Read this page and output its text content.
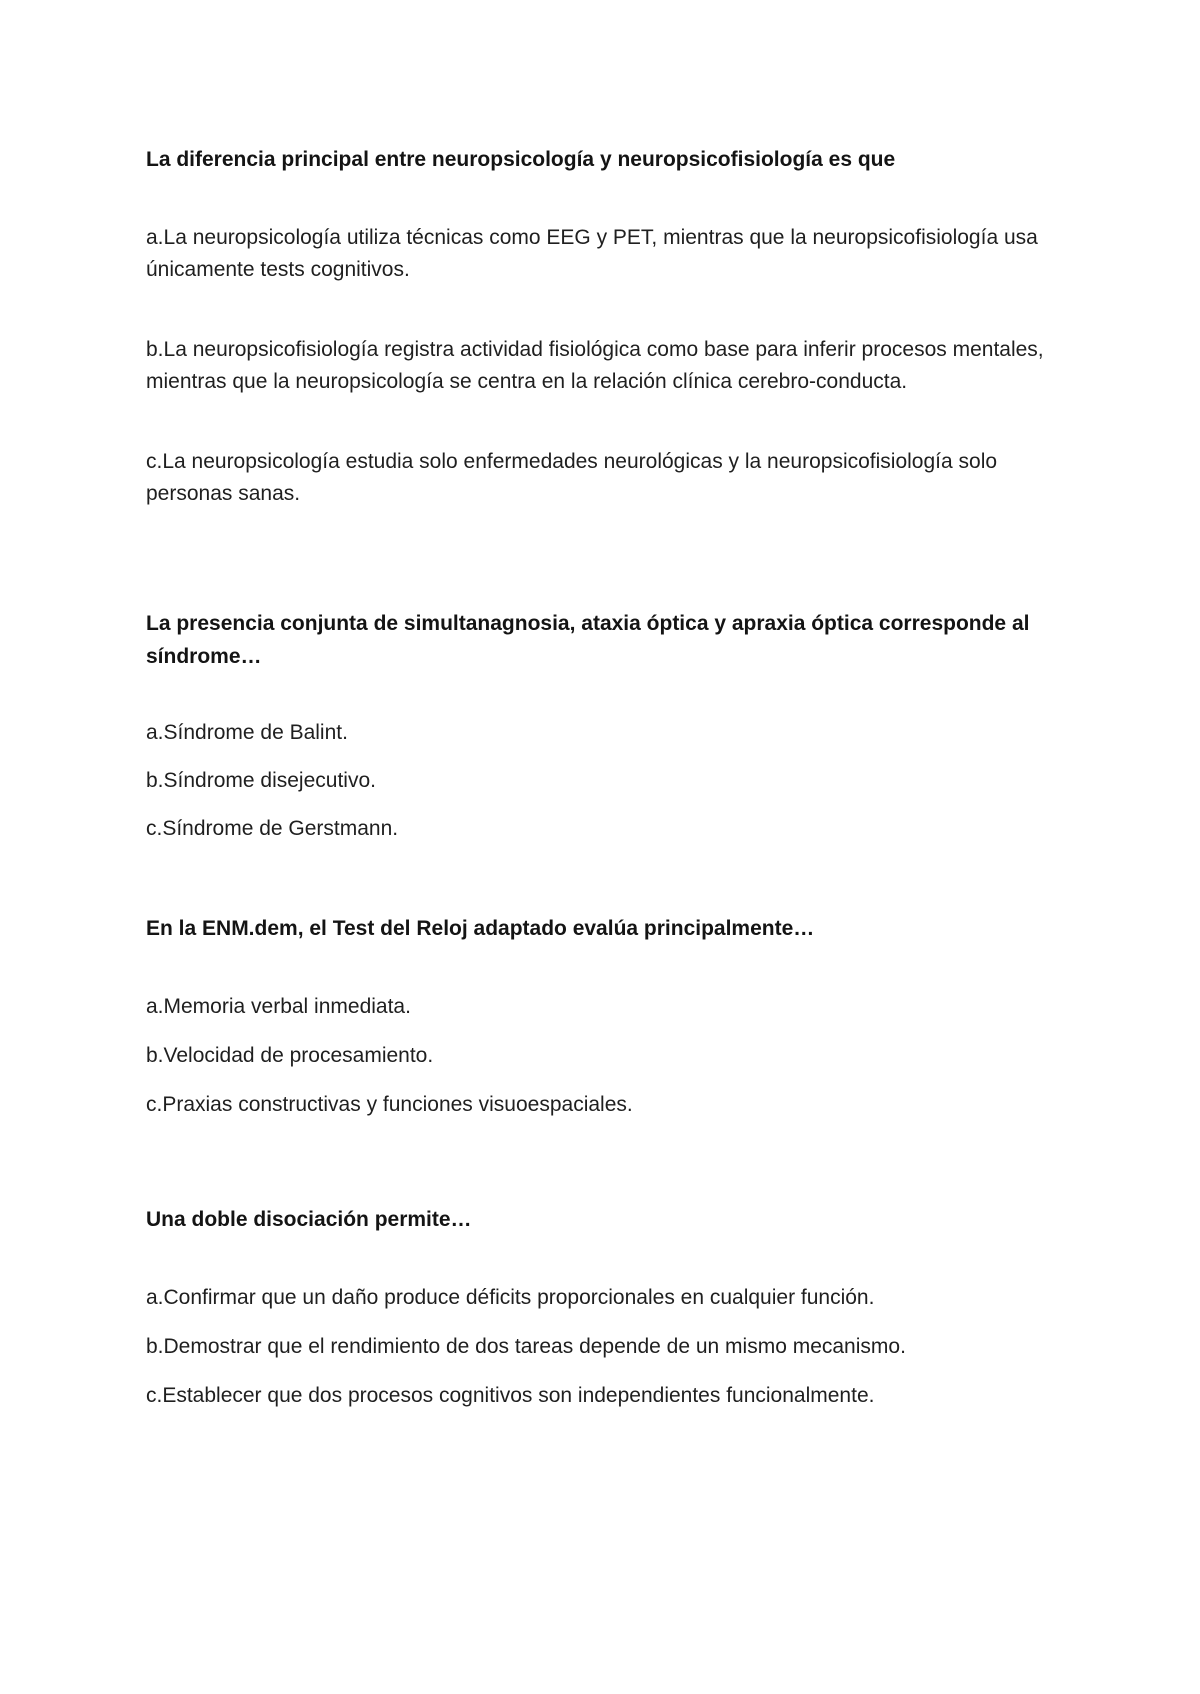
La diferencia principal entre neuropsicología y neuropsicofisiología es que

a.La neuropsicología utiliza técnicas como EEG y PET, mientras que la neuropsicofisiología usa únicamente tests cognitivos.
b.La neuropsicofisiología registra actividad fisiológica como base para inferir procesos mentales, mientras que la neuropsicología se centra en la relación clínica cerebro-conducta.
c.La neuropsicología estudia solo enfermedades neurológicas y la neuropsicofisiología solo personas sanas.

La presencia conjunta de simultanagnosia, ataxia óptica y apraxia óptica corresponde al síndrome…

a.Síndrome de Balint.
b.Síndrome disejecutivo.
c.Síndrome de Gerstmann.

En la ENM.dem, el Test del Reloj adaptado evalúa principalmente…

a.Memoria verbal inmediata.
b.Velocidad de procesamiento.
c.Praxias constructivas y funciones visuoespaciales.

Una doble disociación permite…

a.Confirmar que un daño produce déficits proporcionales en cualquier función.
b.Demostrar que el rendimiento de dos tareas depende de un mismo mecanismo.
c.Establecer que dos procesos cognitivos son independientes funcionalmente.
